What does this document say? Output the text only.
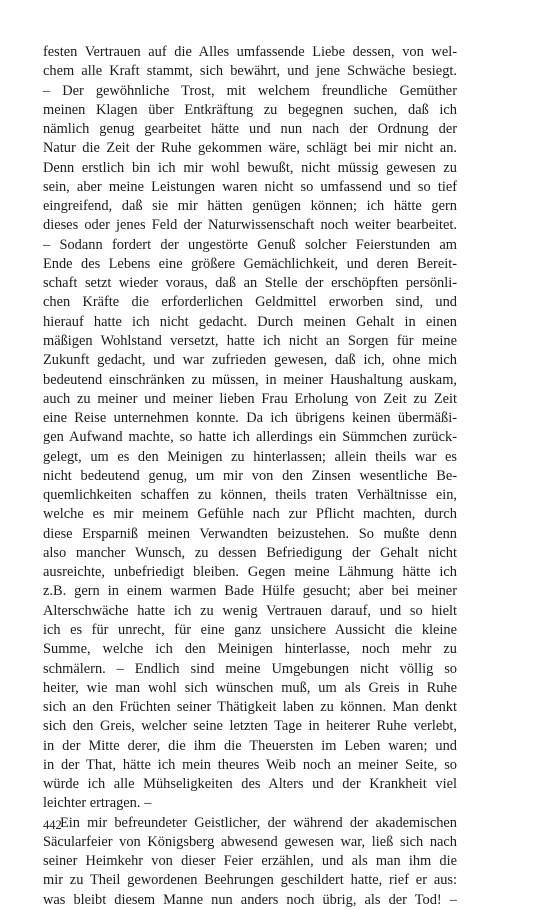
festen Vertrauen auf die Alles umfassende Liebe dessen, von wel-
chem alle Kraft stammt, sich bewährt, und jene Schwäche besiegt.
– Der gewöhnliche Trost, mit welchem freundliche Gemüther
meinen Klagen über Entkräftung zu begegnen suchen, daß ich
nämlich genug gearbeitet hätte und nun nach der Ordnung der
Natur die Zeit der Ruhe gekommen wäre, schlägt bei mir nicht an.
Denn erstlich bin ich mir wohl bewußt, nicht müssig gewesen zu
sein, aber meine Leistungen waren nicht so umfassend und so tief
eingreifend, daß sie mir hätten genügen können; ich hätte gern
dieses oder jenes Feld der Naturwissenschaft noch weiter bearbeitet.
– Sodann fordert der ungestörte Genuß solcher Feierstunden am
Ende des Lebens eine größere Gemächlichkeit, und deren Bereit-
schaft setzt wieder voraus, daß an Stelle der erschöpften persönli-
chen Kräfte die erforderlichen Geldmittel erworben sind, und
hierauf hatte ich nicht gedacht. Durch meinen Gehalt in einen
mäßigen Wohlstand versetzt, hatte ich nicht an Sorgen für meine
Zukunft gedacht, und war zufrieden gewesen, daß ich, ohne mich
bedeutend einschränken zu müssen, in meiner Haushaltung auskam,
auch zu meiner und meiner lieben Frau Erholung von Zeit zu Zeit
eine Reise unternehmen konnte. Da ich übrigens keinen übermäßi-
gen Aufwand machte, so hatte ich allerdings ein Sümmchen zurück-
gelegt, um es den Meinigen zu hinterlassen; allein theils war es
nicht bedeutend genug, um mir von den Zinsen wesentliche Be-
quemlichkeiten schaffen zu können, theils traten Verhältnisse ein,
welche es mir meinem Gefühle nach zur Pflicht machten, durch
diese Ersparniß meinen Verwandten beizustehen. So mußte denn
also mancher Wunsch, zu dessen Befriedigung der Gehalt nicht
ausreichte, unbefriedigt bleiben. Gegen meine Lähmung hätte ich
z.B. gern in einem warmen Bade Hülfe gesucht; aber bei meiner
Alterschwäche hatte ich zu wenig Vertrauen darauf, und so hielt
ich es für unrecht, für eine ganz unsichere Aussicht die kleine
Summe, welche ich den Meinigen hinterlasse, noch mehr zu
schmälern. – Endlich sind meine Umgebungen nicht völlig so
heiter, wie man wohl sich wünschen muß, um als Greis in Ruhe
sich an den Früchten seiner Thätigkeit laben zu können. Man denkt
sich den Greis, welcher seine letzten Tage in heiterer Ruhe verlebt,
in der Mitte derer, die ihm die Theuersten im Leben waren; und
in der That, hätte ich mein theures Weib noch an meiner Seite, so
würde ich alle Mühseligkeiten des Alters und der Krankheit viel
leichter ertragen. –
Ein mir befreundeter Geistlicher, der während der akademischen
Säcularfeier von Königsberg abwesend gewesen war, ließ sich nach
seiner Heimkehr von dieser Feier erzählen, und als man ihm die
mir zu Theil gewordenen Beehrungen geschildert hatte, rief er aus:
was bleibt diesem Manne nun anders noch übrig, als der Tod! –
442
